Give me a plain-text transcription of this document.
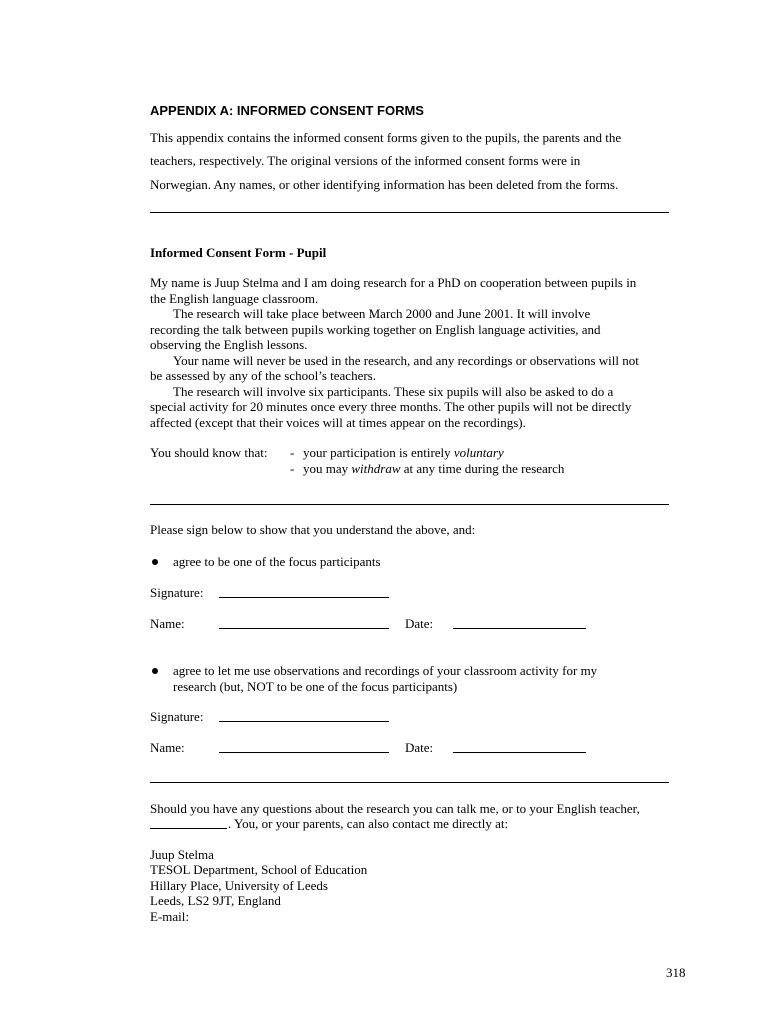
APPENDIX A: INFORMED CONSENT FORMS
This appendix contains the informed consent forms given to the pupils, the parents and the
teachers, respectively. The original versions of the informed consent forms were in
Norwegian. Any names, or other identifying information has been deleted from the forms.
Informed Consent Form - Pupil
My name is Juup Stelma and I am doing research for a PhD on cooperation between pupils in
the English language classroom.
The research will take place between March 2000 and June 2001. It will involve
recording the talk between pupils working together on English language activities, and
observing the English lessons.
Your name will never be used in the research, and any recordings or observations will not
be assessed by any of the school’s teachers.
The research will involve six participants. These six pupils will also be asked to do a
special activity for 20 minutes once every three months. The other pupils will not be directly
affected (except that their voices will at times appear on the recordings).
You should know that: - your participation is entirely voluntary
- you may withdraw at any time during the research
Please sign below to show that you understand the above, and:
agree to be one of the focus participants
Signature:
Name:	Date:
agree to let me use observations and recordings of your classroom activity for my
research (but, NOT to be one of the focus participants)
Signature:
Name:	Date:
Should you have any questions about the research you can talk me, or to your English teacher,
. You, or your parents, can also contact me directly at:
Juup Stelma
TESOL Department, School of Education
Hillary Place, University of Leeds
Leeds, LS2 9JT, England
E-mail:
318
